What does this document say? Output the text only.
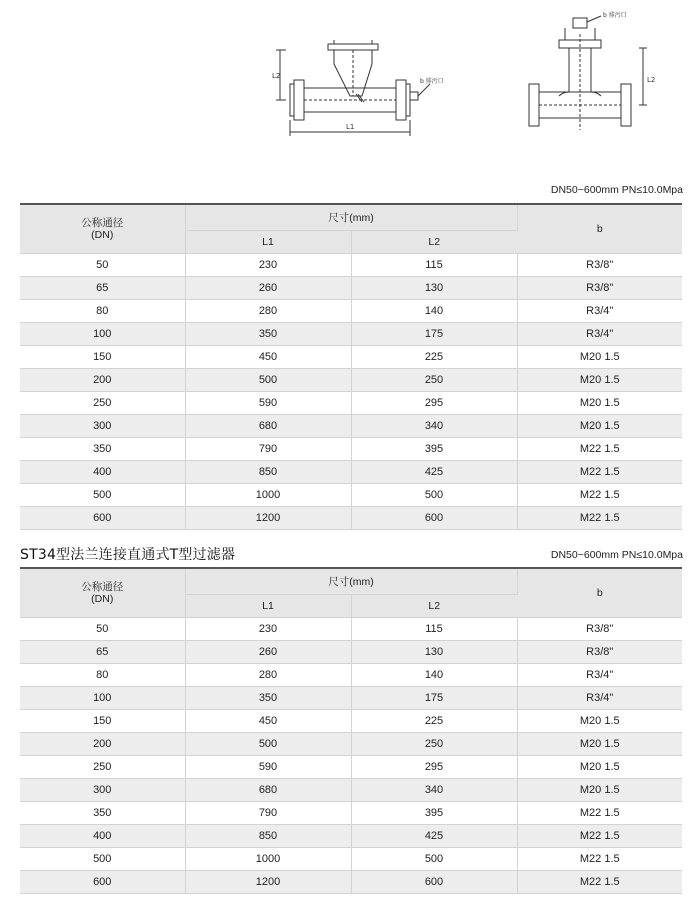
L2
L1
b 排污口
b 排污口
L2
DN50~600mm PN≤10.0Mpa
公称通径
(DN)	尺寸(mm)		b
	L1	L2	
50	230	115	R3/8"
65	260	130	R3/8"
80	280	140	R3/4"
100	350	175	R3/4"
150	450	225	M20 1.5
200	500	250	M20 1.5
250	590	295	M20 1.5
300	680	340	M20 1.5
350	790	395	M22 1.5
400	850	425	M22 1.5
500	1000	500	M22 1.5
600	1200	600	M22 1.5
ST34型法兰连接直通式T型过滤器	DN50~600mm PN≤10.0Mpa
公称通径
(DN)	尺寸(mm)		b
	L1	L2	
50	230	115	R3/8"
65	260	130	R3/8"
80	280	140	R3/4"
100	350	175	R3/4"
150	450	225	M20 1.5
200	500	250	M20 1.5
250	590	295	M20 1.5
300	680	340	M20 1.5
350	790	395	M22 1.5
400	850	425	M22 1.5
500	1000	500	M22 1.5
600	1200	600	M22 1.5
